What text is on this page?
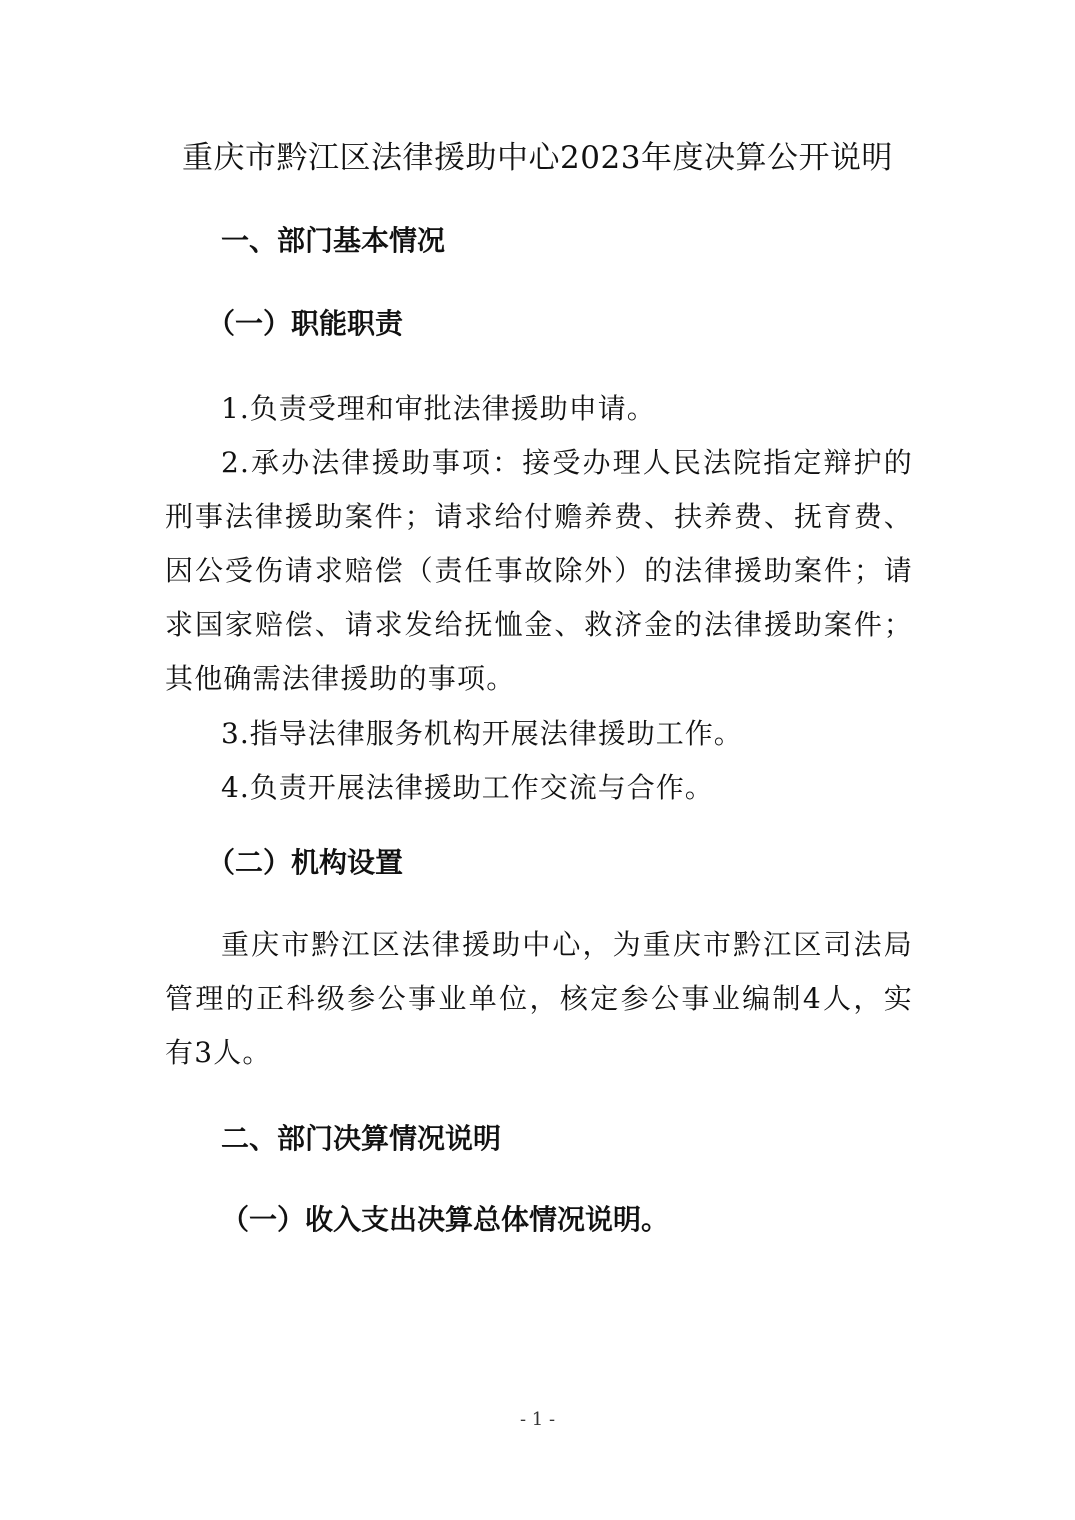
重庆市黔江区法律援助中心2023年度决算公开说明
一、部门基本情况
（一）职能职责
1.负责受理和审批法律援助申请。

2.承办法律援助事项：接受办理人民法院指定辩护的刑事法律援助案件；请求给付赡养费、扶养费、抚育费、因公受伤请求赔偿（责任事故除外）的法律援助案件；请求国家赔偿、请求发给抚恤金、救济金的法律援助案件；其他确需法律援助的事项。

3.指导法律服务机构开展法律援助工作。
4.负责开展法律援助工作交流与合作。
（二）机构设置

重庆市黔江区法律援助中心，为重庆市黔江区司法局管理的正科级参公事业单位，核定参公事业编制4人，实有3人。

二、部门决算情况说明
（一）收入支出决算总体情况说明。
- 1 -
